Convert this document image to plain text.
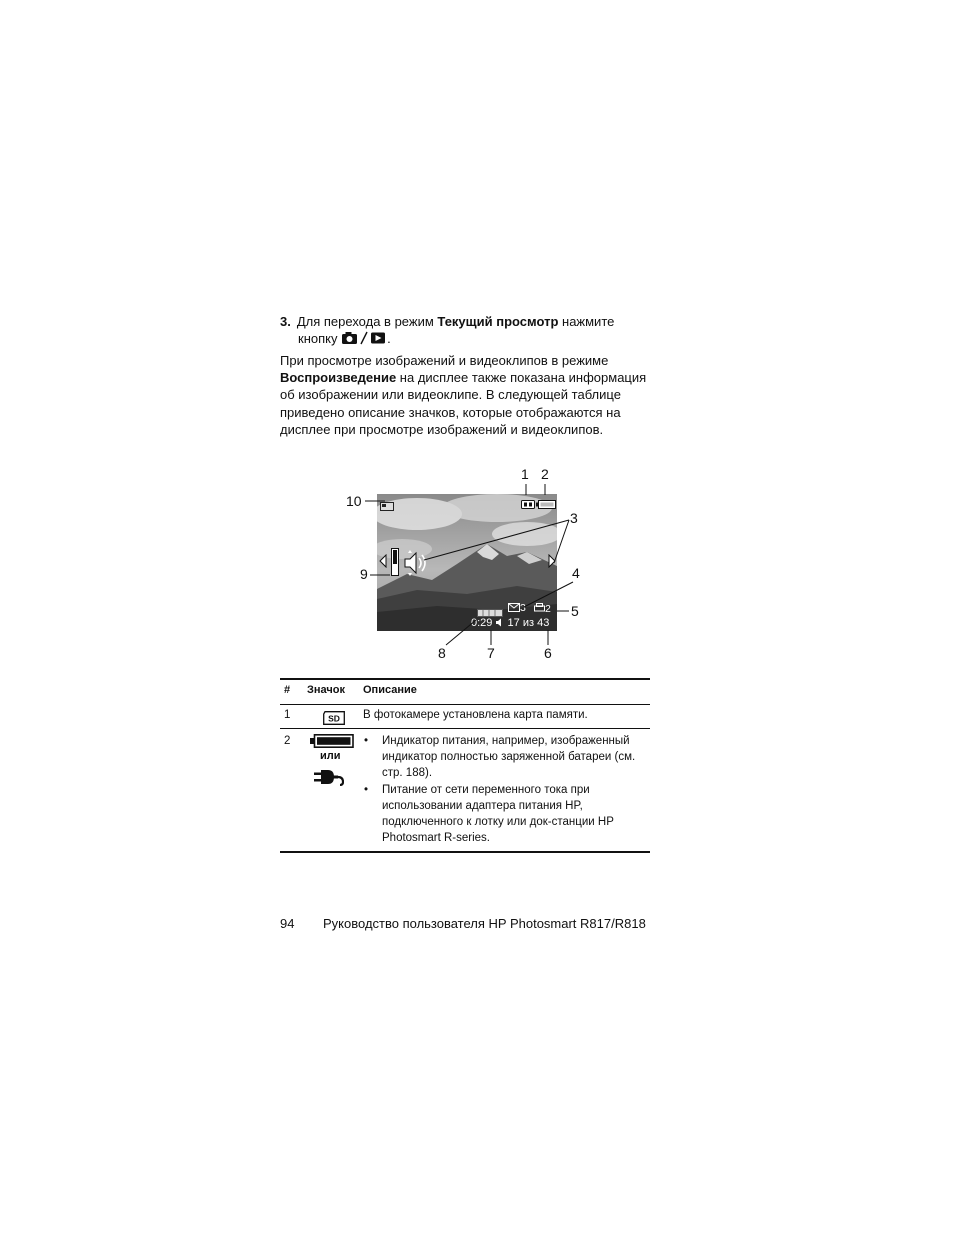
3. Для перехода в режим Текущий просмотр нажмите
кнопку	.
При просмотре изображений и видеоклипов в режиме
Воспроизведение на дисплее также показана информация об изображении или видеоклипе. В следующей таблице приведено описание значков, которые отображаются на дисплее при просмотре изображений и видеоклипов.
3	2
0:29 17 из 43
1 2
3
4
5
6
7
8
9
10
# Значок Описание
1	SD В фотокамере установлена карта памяти.
2
или
• Индикатор питания, например, изображенный индикатор полностью заряженной батареи (см. стр. 188).
• Питание от сети переменного тока при использовании адаптера питания HP, подключенного к лотку или док-станции HP Photosmart R-series.
94 Руководство пользователя HP Photosmart R817/R818
